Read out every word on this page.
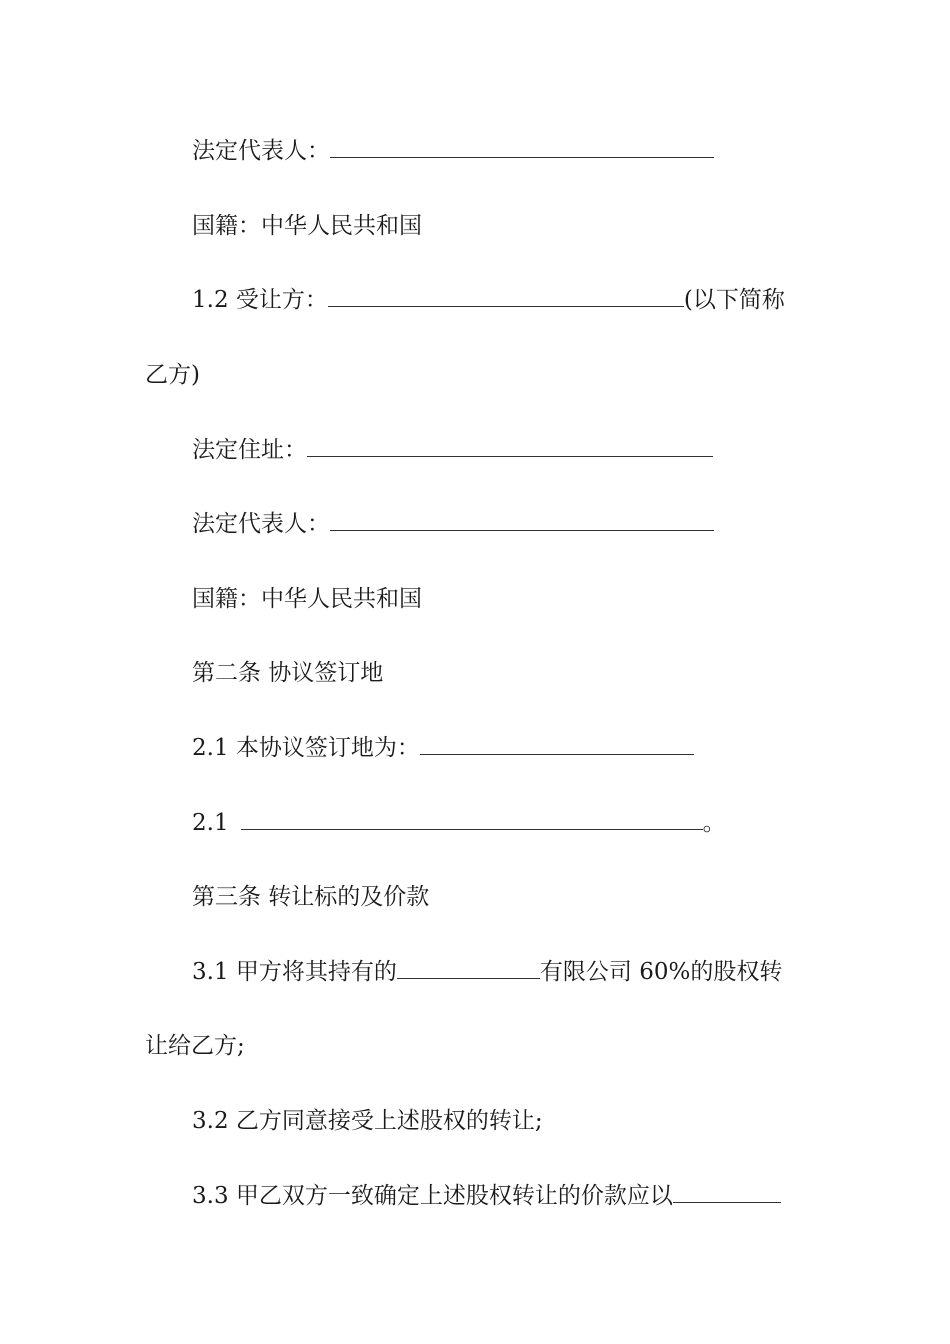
法定代表人：
国籍：中华人民共和国
1.2 受让方：	(以下简称
乙方)
法定住址：
法定代表人：
国籍：中华人民共和国
第二条 协议签订地
2.1 本协议签订地为：
2.1	。
第三条 转让标的及价款
3.1 甲方将其持有的	有限公司 60%的股权转
让给乙方;
3.2 乙方同意接受上述股权的转让;
3.3 甲乙双方一致确定上述股权转让的价款应以
